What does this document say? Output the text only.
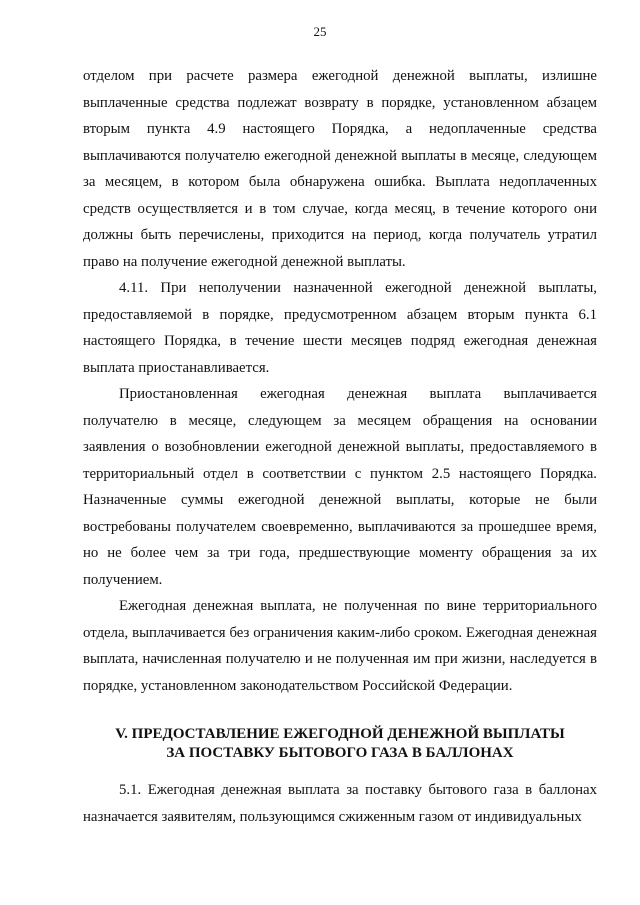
25

отделом при расчете размера ежегодной денежной выплаты, излишне выплаченные средства подлежат возврату в порядке, установленном абзацем вторым пункта 4.9 настоящего Порядка, а недоплаченные средства выплачиваются получателю ежегодной денежной выплаты в месяце, следующем за месяцем, в котором была обнаружена ошибка. Выплата недоплаченных средств осуществляется и в том случае, когда месяц, в течение которого они должны быть перечислены, приходится на период, когда получатель утратил право на получение ежегодной денежной выплаты.

4.11. При неполучении назначенной ежегодной денежной выплаты, предоставляемой в порядке, предусмотренном абзацем вторым пункта 6.1 настоящего Порядка, в течение шести месяцев подряд ежегодная денежная выплата приостанавливается.

Приостановленная ежегодная денежная выплата выплачивается получателю в месяце, следующем за месяцем обращения на основании заявления о возобновлении ежегодной денежной выплаты, предоставляемого в территориальный отдел в соответствии с пунктом 2.5 настоящего Порядка. Назначенные суммы ежегодной денежной выплаты, которые не были востребованы получателем своевременно, выплачиваются за прошедшее время, но не более чем за три года, предшествующие моменту обращения за их получением.

Ежегодная денежная выплата, не полученная по вине территориального отдела, выплачивается без ограничения каким-либо сроком. Ежегодная денежная выплата, начисленная получателю и не полученная им при жизни, наследуется в порядке, установленном законодательством Российской Федерации.

V. ПРЕДОСТАВЛЕНИЕ ЕЖЕГОДНОЙ ДЕНЕЖНОЙ ВЫПЛАТЫ
ЗА ПОСТАВКУ БЫТОВОГО ГАЗА В БАЛЛОНАХ

5.1. Ежегодная денежная выплата за поставку бытового газа в баллонах назначается заявителям, пользующимся сжиженным газом от индивидуальных
